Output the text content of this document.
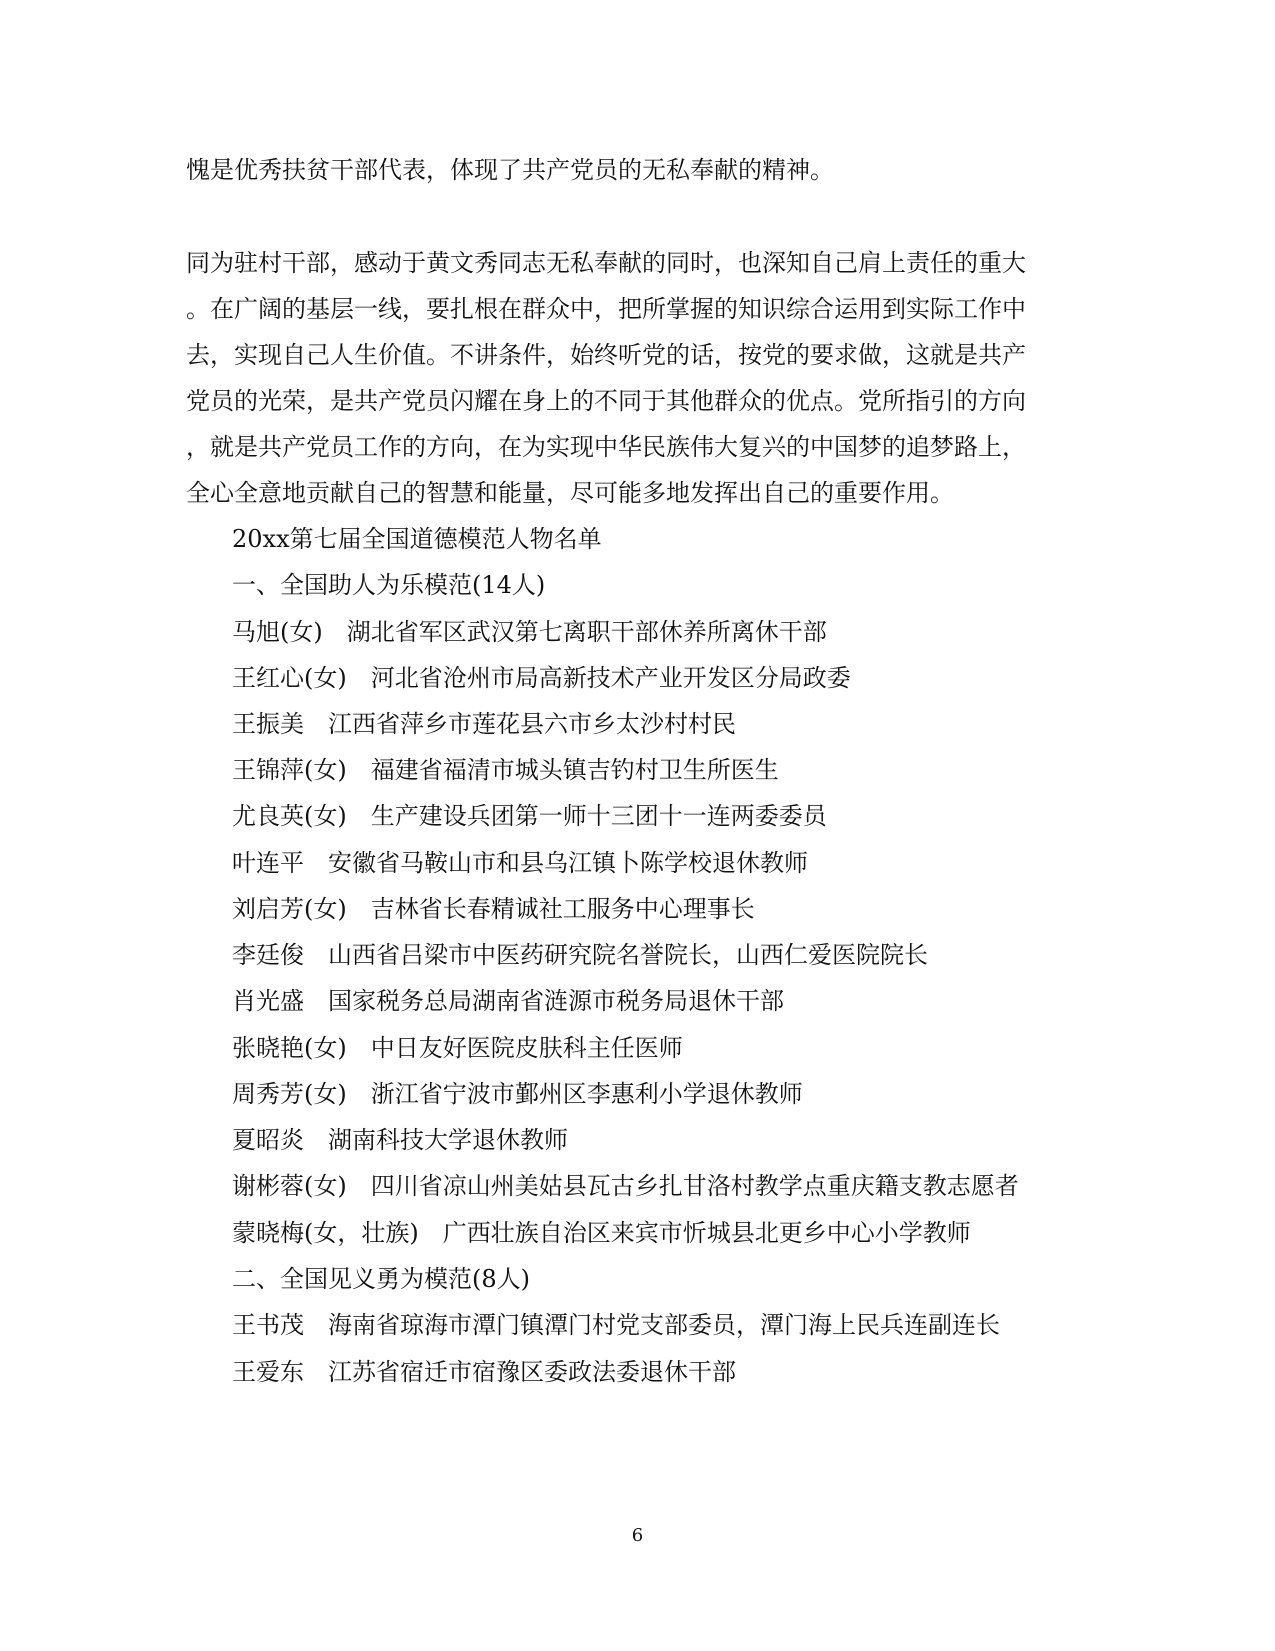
愧是优秀扶贫干部代表，体现了共产党员的无私奉献的精神。
同为驻村干部，感动于黄文秀同志无私奉献的同时，也深知自己肩上责任的重大
。在广阔的基层一线，要扎根在群众中，把所掌握的知识综合运用到实际工作中
去，实现自己人生价值。不讲条件，始终听党的话，按党的要求做，这就是共产
党员的光荣，是共产党员闪耀在身上的不同于其他群众的优点。党所指引的方向
，就是共产党员工作的方向，在为实现中华民族伟大复兴的中国梦的追梦路上，
全心全意地贡献自己的智慧和能量，尽可能多地发挥出自己的重要作用。
20xx第七届全国道德模范人物名单
一、全国助人为乐模范(14人)
马旭(女) 湖北省军区武汉第七离职干部休养所离休干部
王红心(女) 河北省沧州市局高新技术产业开发区分局政委
王振美 江西省萍乡市莲花县六市乡太沙村村民
王锦萍(女) 福建省福清市城头镇吉钓村卫生所医生
尤良英(女) 生产建设兵团第一师十三团十一连两委委员
叶连平 安徽省马鞍山市和县乌江镇卜陈学校退休教师
刘启芳(女) 吉林省长春精诚社工服务中心理事长
李廷俊 山西省吕梁市中医药研究院名誉院长，山西仁爱医院院长
肖光盛 国家税务总局湖南省涟源市税务局退休干部
张晓艳(女) 中日友好医院皮肤科主任医师
周秀芳(女) 浙江省宁波市鄞州区李惠利小学退休教师
夏昭炎 湖南科技大学退休教师
谢彬蓉(女) 四川省凉山州美姑县瓦古乡扎甘洛村教学点重庆籍支教志愿者
蒙晓梅(女，壮族) 广西壮族自治区来宾市忻城县北更乡中心小学教师
二、全国见义勇为模范(8人)
王书茂 海南省琼海市潭门镇潭门村党支部委员，潭门海上民兵连副连长
王爱东 江苏省宿迁市宿豫区委政法委退休干部
6
